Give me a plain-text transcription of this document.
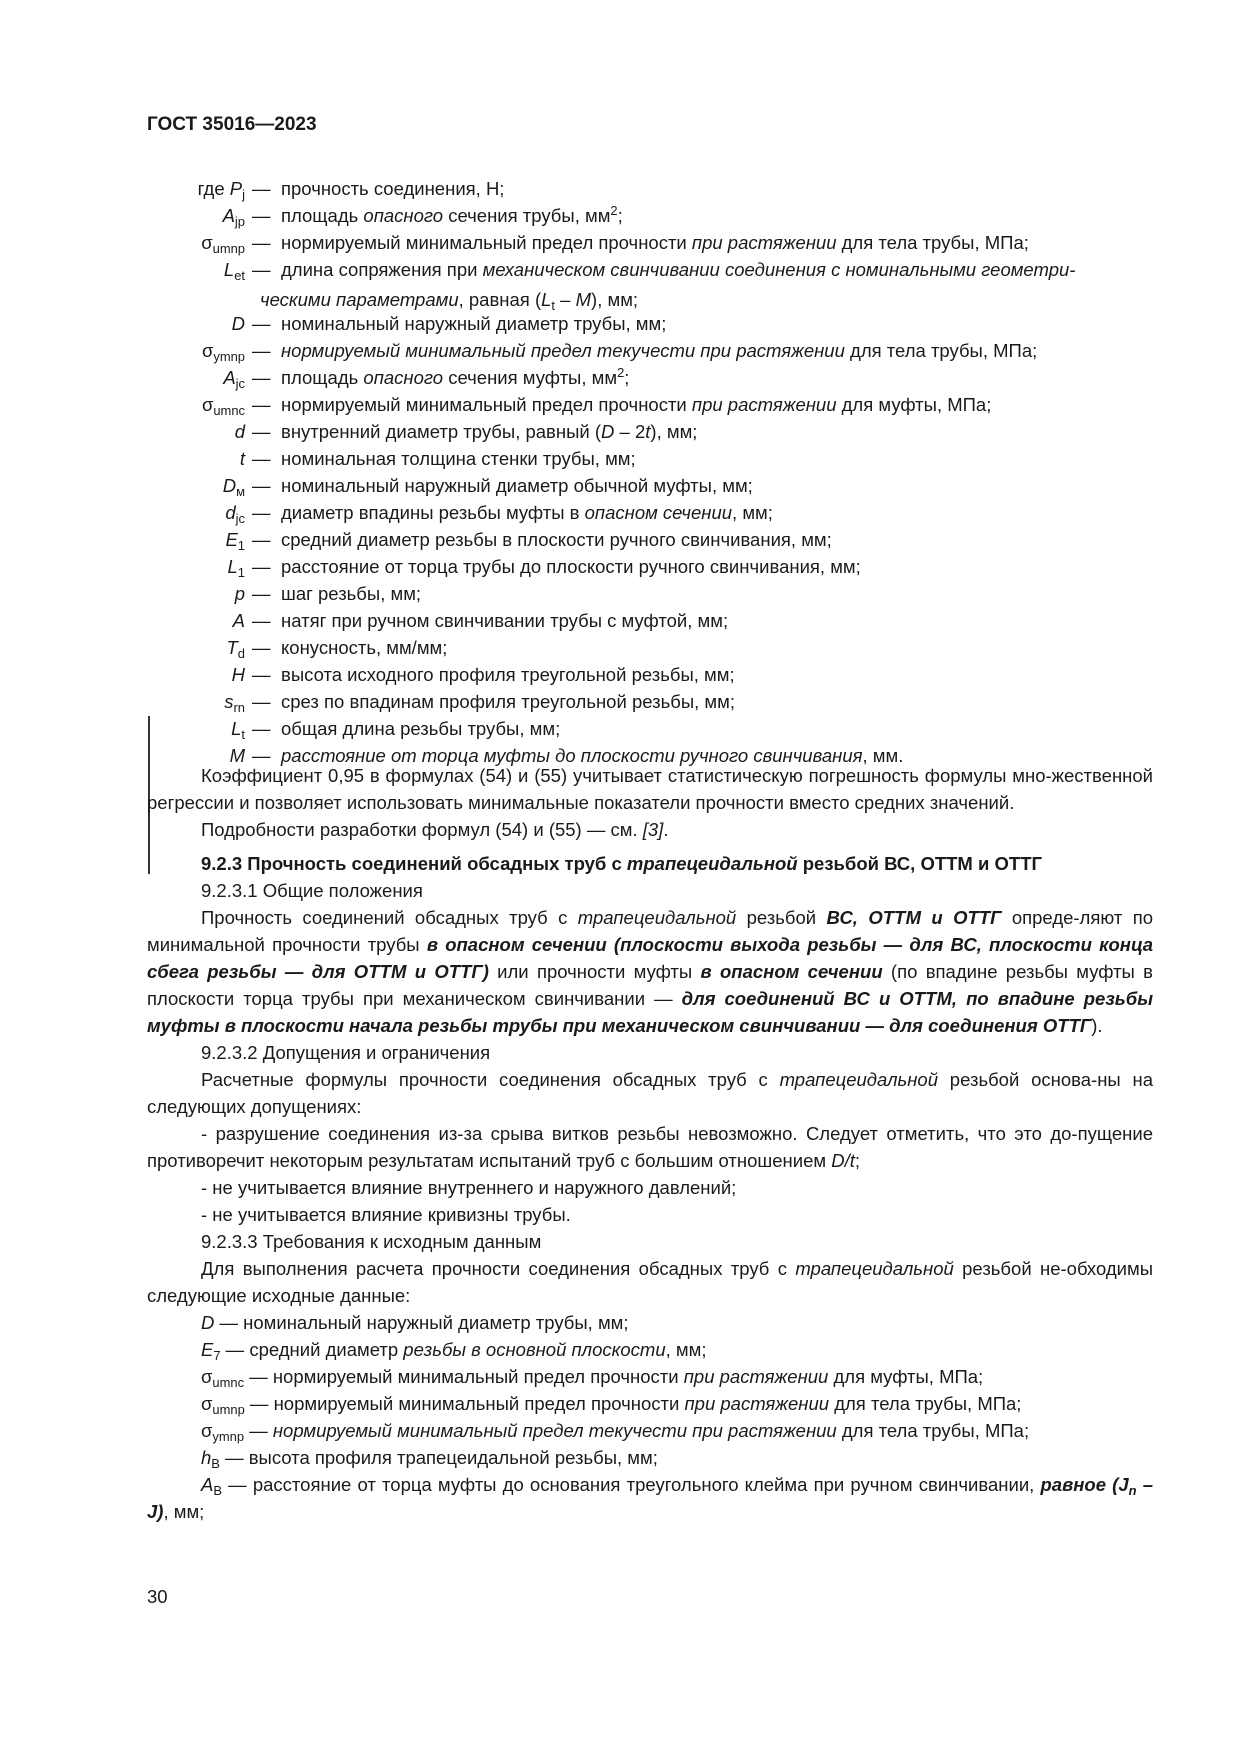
ГОСТ 35016—2023
где $P_j$ — прочность соединения, Н;
$A_{jp}$ — площадь опасного сечения трубы, $мм^2$;
$\sigma_{umnp}$ — нормируемый минимальный предел прочности при растяжении для тела трубы, МПа;
$L_{et}$ — длина сопряжения при механическом свинчивании соединения с номинальными геометри-
ческими параметрами, равная $(L_t - M)$, мм;
D — номинальный наружный диаметр трубы, мм;
$\sigma_{ymnp}$ — нормируемый минимальный предел текучести при растяжении для тела трубы, МПа;
$A_{jc}$ — площадь опасного сечения муфты, $мм^2$;
$\sigma_{umnc}$ — нормируемый минимальный предел прочности при растяжении для муфты, МПа;
d — внутренний диаметр трубы, равный (D – 2t), мм;
t — номинальная толщина стенки трубы, мм;
$D_м$ — номинальный наружный диаметр обычной муфты, мм;
$d_{jc}$ — диаметр впадины резьбы муфты в опасном сечении, мм;
$E_1$ — средний диаметр резьбы в плоскости ручного свинчивания, мм;
$L_1$ — расстояние от торца трубы до плоскости ручного свинчивания, мм;
p — шаг резьбы, мм;
A — натяг при ручном свинчивании трубы с муфтой, мм;
$T_d$ — конусность, мм/мм;
H — высота исходного профиля треугольной резьбы, мм;
$s_{rn}$ — срез по впадинам профиля треугольной резьбы, мм;
$L_t$ — общая длина резьбы трубы, мм;
M — расстояние от торца муфты до плоскости ручного свинчивания, мм.

Коэффициент 0,95 в формулах (54) и (55) учитывает статистическую погрешность формулы мно-жественной регрессии и позволяет использовать минимальные показатели прочности вместо средних значений.

Подробности разработки формул (54) и (55) — см. [3].

9.2.3 Прочность соединений обсадных труб с трапецеидальной резьбой ВС, ОТТМ и ОТТГ

9.2.3.1 Общие положения

Прочность соединений обсадных труб с трапецеидальной резьбой ВС, ОТТМ и ОТТГ опреде-ляют по минимальной прочности трубы в опасном сечении (плоскости выхода резьбы — для ВС, плоскости конца сбега резьбы — для ОТТМ и ОТТГ) или прочности муфты в опасном сечении (по впадине резьбы муфты в плоскости торца трубы при механическом свинчивании — для соединений ВС и ОТТМ, по впадине резьбы муфты в плоскости начала резьбы трубы при механическом свинчивании — для соединения ОТТГ).

9.2.3.2 Допущения и ограничения

Расчетные формулы прочности соединения обсадных труб с трапецеидальной резьбой основа-ны на следующих допущениях:

- разрушение соединения из-за срыва витков резьбы невозможно. Следует отметить, что это до-пущение противоречит некоторым результатам испытаний труб с большим отношением D/t;

- не учитывается влияние внутреннего и наружного давлений;

- не учитывается влияние кривизны трубы.

9.2.3.3 Требования к исходным данным

Для выполнения расчета прочности соединения обсадных труб с трапецеидальной резьбой не-обходимы следующие исходные данные:

D — номинальный наружный диаметр трубы, мм;

$E_7$ — средний диаметр резьбы в основной плоскости, мм;

$\sigma_{umnc}$ — нормируемый минимальный предел прочности при растяжении для муфты, МПа;

$\sigma_{umnp}$ — нормируемый минимальный предел прочности при растяжении для тела трубы, МПа;

$\sigma_{ymnp}$ — нормируемый минимальный предел текучести при растяжении для тела трубы, МПа;

$h_В$ — высота профиля трапецеидальной резьбы, мм;

$A_В$ — расстояние от торца муфты до основания треугольного клейма при ручном свинчивании, равное $(J_n - J)$, мм;

30
